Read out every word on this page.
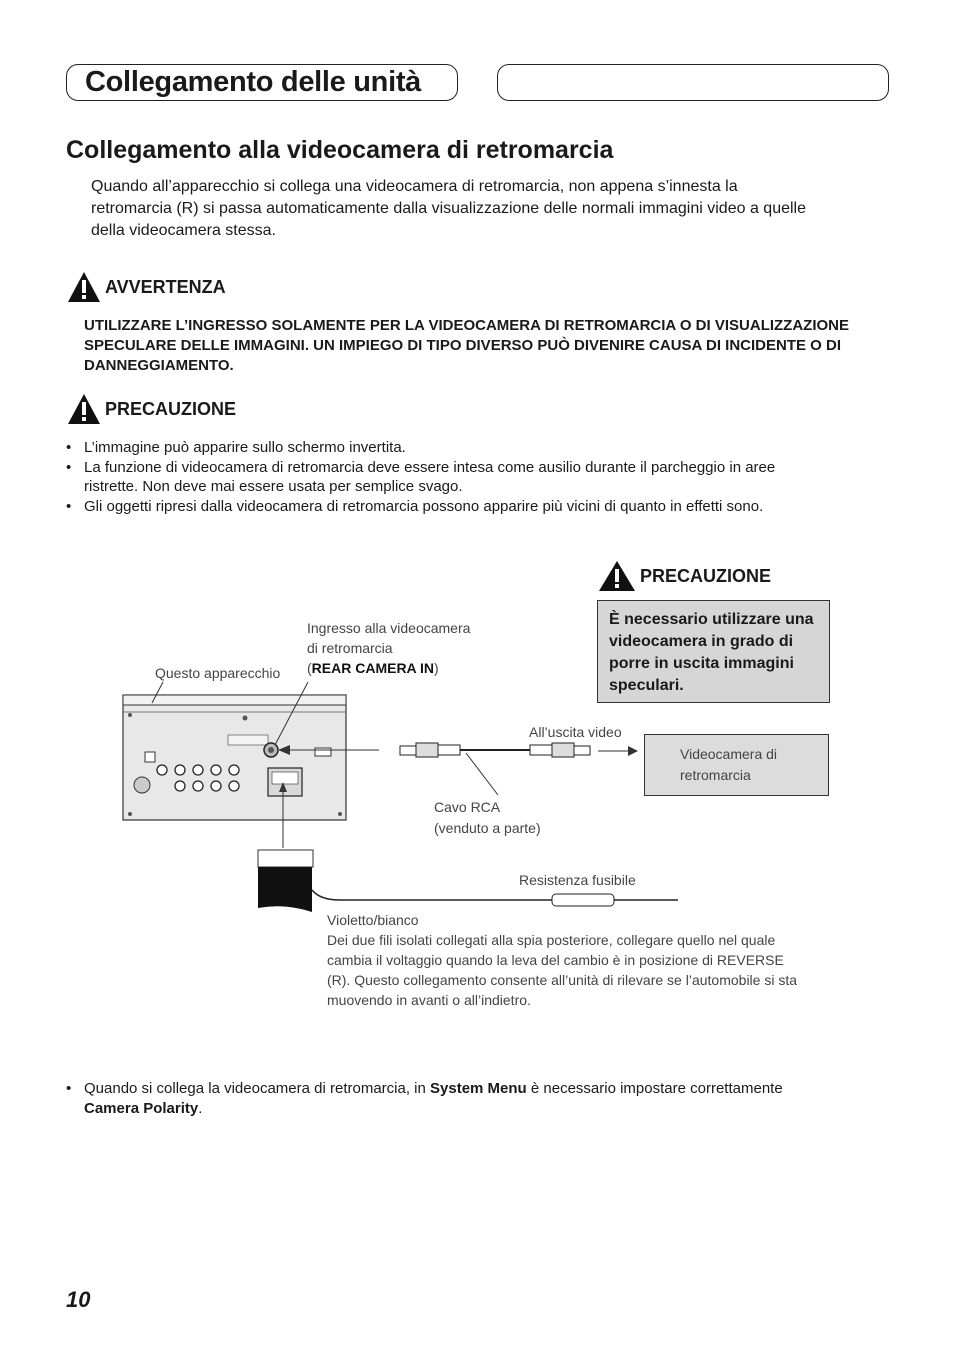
Collegamento delle unità
Collegamento alla videocamera di retromarcia
Quando all’apparecchio si collega una videocamera di retromarcia, non appena s’innesta la retromarcia (R) si passa automaticamente dalla visualizzazione delle normali immagini video a quelle della videocamera stessa.
AVVERTENZA
UTILIZZARE L’INGRESSO SOLAMENTE PER LA VIDEOCAMERA DI RETROMARCIA O DI VISUALIZZAZIONE SPECULARE DELLE IMMAGINI. UN IMPIEGO DI TIPO DIVERSO PUÒ DIVENIRE CAUSA DI INCIDENTE O DI DANNEGGIAMENTO.
PRECAUZIONE
• L’immagine può apparire sullo schermo invertita.
• La funzione di videocamera di retromarcia deve essere intesa come ausilio durante il parcheggio in aree ristrette. Non deve mai essere usata per semplice svago.
• Gli oggetti ripresi dalla videocamera di retromarcia possono apparire più vicini di quanto in effetti sono.
PRECAUZIONE
È necessario utilizzare una videocamera in grado di porre in uscita immagini speculari.
Questo apparecchio
Ingresso alla videocamera
di retromarcia
(REAR CAMERA IN)
All’uscita video
Videocamera di
retromarcia
Cavo RCA
(venduto a parte)
Resistenza fusibile
Violetto/bianco
Dei due fili isolati collegati alla spia posteriore, collegare quello nel quale cambia il voltaggio quando la leva del cambio è in posizione di REVERSE (R). Questo collegamento consente all’unità di rilevare se l’automobile si sta muovendo in avanti o all’indietro.
• Quando si collega la videocamera di retromarcia, in System Menu è necessario impostare correttamente Camera Polarity.
10
